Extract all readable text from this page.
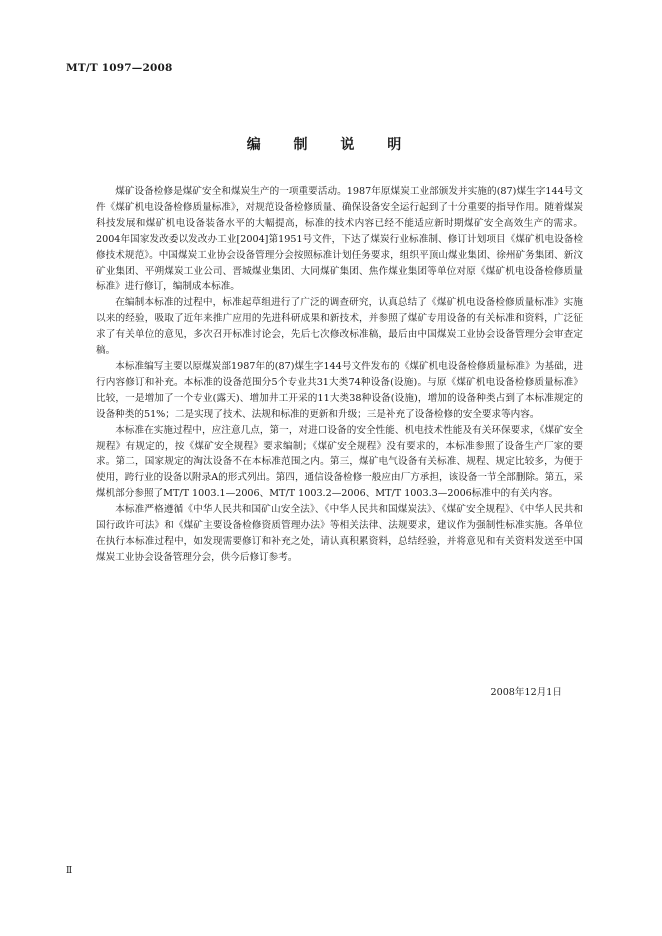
MT/T 1097—2008
编 制 说 明

煤矿设备检修是煤矿安全和煤炭生产的一项重要活动。1987年原煤炭工业部颁发并实施的(87)煤生字144号文件《煤矿机电设备检修质量标准》，对规范设备检修质量、确保设备安全运行起到了十分重要的指导作用。随着煤炭科技发展和煤矿机电设备装备水平的大幅提高，标准的技术内容已经不能适应新时期煤矿安全高效生产的需求。2004年国家发改委以发改办工业[2004]第1951号文件，下达了煤炭行业标准制、修订计划项目《煤矿机电设备检修技术规范》。中国煤炭工业协会设备管理分会按照标准计划任务要求，组织平顶山煤业集团、徐州矿务集团、新汶矿业集团、平朔煤炭工业公司、晋城煤业集团、大同煤矿集团、焦作煤业集团等单位对原《煤矿机电设备检修质量标准》进行修订，编制成本标准。

在编制本标准的过程中，标准起草组进行了广泛的调查研究，认真总结了《煤矿机电设备检修质量标准》实施以来的经验，吸取了近年来推广应用的先进科研成果和新技术，并参照了煤矿专用设备的有关标准和资料，广泛征求了有关单位的意见，多次召开标准讨论会，先后七次修改标准稿，最后由中国煤炭工业协会设备管理分会审查定稿。

本标准编写主要以原煤炭部1987年的(87)煤生字144号文件发布的《煤矿机电设备检修质量标准》为基础，进行内容修订和补充。本标准的设备范围分5个专业共31大类74种设备(设施)。与原《煤矿机电设备检修质量标准》比较，一是增加了一个专业(露天)、增加井工开采的11大类38种设备(设施)，增加的设备种类占到了本标准规定的设备种类的51%；二是实现了技术、法规和标准的更新和升级；三是补充了设备检修的安全要求等内容。

本标准在实施过程中，应注意几点，第一，对进口设备的安全性能、机电技术性能及有关环保要求，《煤矿安全规程》有规定的，按《煤矿安全规程》要求编制；《煤矿安全规程》没有要求的，本标准参照了设备生产厂家的要求。第二，国家规定的淘汰设备不在本标准范围之内。第三，煤矿电气设备有关标准、规程、规定比较多，为便于使用，跨行业的设备以附录A的形式列出。第四，通信设备检修一般应由厂方承担，该设备一节全部删除。第五，采煤机部分参照了MT/T 1003.1—2006、MT/T 1003.2—2006、MT/T 1003.3—2006标准中的有关内容。

本标准严格遵循《中华人民共和国矿山安全法》、《中华人民共和国煤炭法》、《煤矿安全规程》、《中华人民共和国行政许可法》和《煤矿主要设备检修资质管理办法》等相关法律、法规要求，建议作为强制性标准实施。各单位在执行本标准过程中，如发现需要修订和补充之处，请认真积累资料，总结经验，并将意见和有关资料发送至中国煤炭工业协会设备管理分会，供今后修订参考。

2008年12月1日
Ⅱ
